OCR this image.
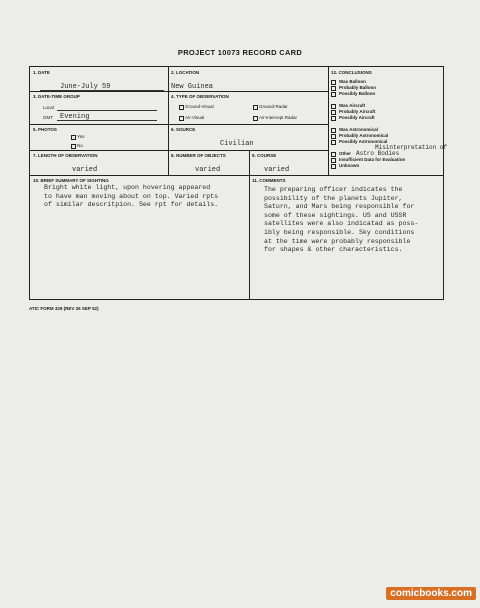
PROJECT 10073 RECORD CARD
1. DATE
June-July 59
2. LOCATION
New Guinea
3. DATE-TIME GROUP
Local
GMT Evening
4. TYPE OF OBSERVATION
Ground-Visual	Ground-Radar
Air-Visual	Air-Intercept Radar
5. PHOTOS
Yes
No
6. SOURCE
Civilian
7. LENGTH OF OBSERVATION
varied
8. NUMBER OF OBJECTS
varied
9. COURSE
varied
12. CONCLUSIONS
Was Balloon
Probably Balloon
Possibly Balloon
Was Aircraft
Probably Aircraft
Possibly Aircraft
Was Astronomical
Probably Astronomical
Possibly Astronomical
Other
Insufficient Data for Evaluation
Unknown
Misinterpretation of
Astro Bodies
10. BRIEF SUMMARY OF SIGHTING
Bright white light, upon hovering appeared
to have man moving about on top. Varied rpts
of similar descritpion. See rpt for details.
11. COMMENTS
The preparing officer indicates the
possibility of the planets Jupiter,
Saturn, and Mars being responsible for
some of these sightings. US and USSR
satellites were also indicatad as poss-
ibly being responsible. Sky conditions
at the time were probably responsible
for shapes & other characteristics.
ATIC FORM 329 (REV 26 SEP 52)
comicbooks.com
